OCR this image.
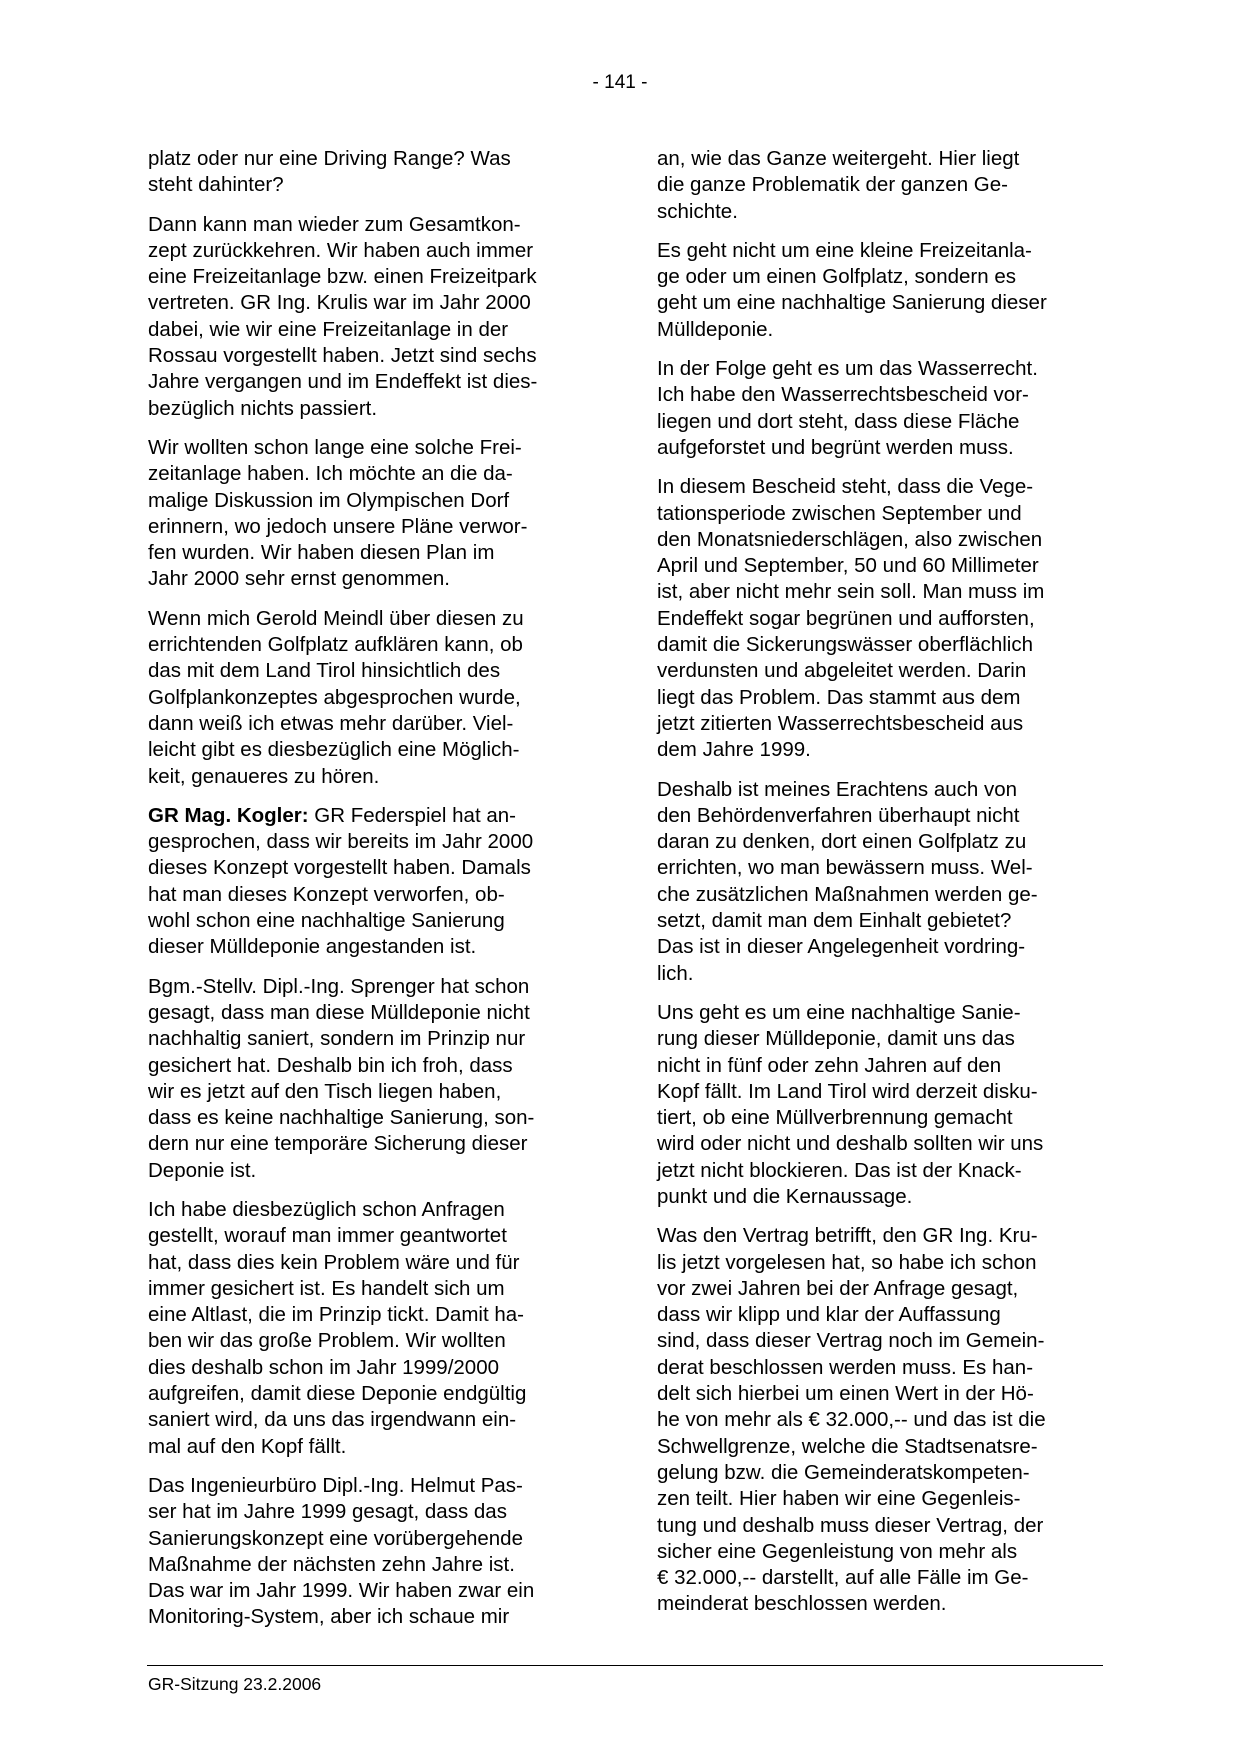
- 141 -

platz oder nur eine Driving Range? Was
steht dahinter?

Dann kann man wieder zum Gesamtkon-
zept zurückkehren. Wir haben auch immer
eine Freizeitanlage bzw. einen Freizeitpark
vertreten. GR Ing. Krulis war im Jahr 2000
dabei, wie wir eine Freizeitanlage in der
Rossau vorgestellt haben. Jetzt sind sechs
Jahre vergangen und im Endeffekt ist dies-
bezüglich nichts passiert.

Wir wollten schon lange eine solche Frei-
zeitanlage haben. Ich möchte an die da-
malige Diskussion im Olympischen Dorf
erinnern, wo jedoch unsere Pläne verwor-
fen wurden. Wir haben diesen Plan im
Jahr 2000 sehr ernst genommen.

Wenn mich Gerold Meindl über diesen zu
errichtenden Golfplatz aufklären kann, ob
das mit dem Land Tirol hinsichtlich des
Golfplankonzeptes abgesprochen wurde,
dann weiß ich etwas mehr darüber. Viel-
leicht gibt es diesbezüglich eine Möglich-
keit, genaueres zu hören.

GR Mag. Kogler: GR Federspiel hat an-
gesprochen, dass wir bereits im Jahr 2000
dieses Konzept vorgestellt haben. Damals
hat man dieses Konzept verworfen, ob-
wohl schon eine nachhaltige Sanierung
dieser Mülldeponie angestanden ist.

Bgm.-Stellv. Dipl.-Ing. Sprenger hat schon
gesagt, dass man diese Mülldeponie nicht
nachhaltig saniert, sondern im Prinzip nur
gesichert hat. Deshalb bin ich froh, dass
wir es jetzt auf den Tisch liegen haben,
dass es keine nachhaltige Sanierung, son-
dern nur eine temporäre Sicherung dieser
Deponie ist.

Ich habe diesbezüglich schon Anfragen
gestellt, worauf man immer geantwortet
hat, dass dies kein Problem wäre und für
immer gesichert ist. Es handelt sich um
eine Altlast, die im Prinzip tickt. Damit ha-
ben wir das große Problem. Wir wollten
dies deshalb schon im Jahr 1999/2000
aufgreifen, damit diese Deponie endgültig
saniert wird, da uns das irgendwann ein-
mal auf den Kopf fällt.

Das Ingenieurbüro Dipl.-Ing. Helmut Pas-
ser hat im Jahre 1999 gesagt, dass das
Sanierungskonzept eine vorübergehende
Maßnahme der nächsten zehn Jahre ist.
Das war im Jahr 1999. Wir haben zwar ein
Monitoring-System, aber ich schaue mir

an, wie das Ganze weitergeht. Hier liegt
die ganze Problematik der ganzen Ge-
schichte.

Es geht nicht um eine kleine Freizeitanla-
ge oder um einen Golfplatz, sondern es
geht um eine nachhaltige Sanierung dieser
Mülldeponie.

In der Folge geht es um das Wasserrecht.
Ich habe den Wasserrechtsbescheid vor-
liegen und dort steht, dass diese Fläche
aufgeforstet und begrünt werden muss.

In diesem Bescheid steht, dass die Vege-
tationsperiode zwischen September und
den Monatsniederschlägen, also zwischen
April und September, 50 und 60 Millimeter
ist, aber nicht mehr sein soll. Man muss im
Endeffekt sogar begrünen und aufforsten,
damit die Sickerungswässer oberflächlich
verdunsten und abgeleitet werden. Darin
liegt das Problem. Das stammt aus dem
jetzt zitierten Wasserrechtsbescheid aus
dem Jahre 1999.

Deshalb ist meines Erachtens auch von
den Behördenverfahren überhaupt nicht
daran zu denken, dort einen Golfplatz zu
errichten, wo man bewässern muss. Wel-
che zusätzlichen Maßnahmen werden ge-
setzt, damit man dem Einhalt gebietet?
Das ist in dieser Angelegenheit vordring-
lich.

Uns geht es um eine nachhaltige Sanie-
rung dieser Mülldeponie, damit uns das
nicht in fünf oder zehn Jahren auf den
Kopf fällt. Im Land Tirol wird derzeit disku-
tiert, ob eine Müllverbrennung gemacht
wird oder nicht und deshalb sollten wir uns
jetzt nicht blockieren. Das ist der Knack-
punkt und die Kernaussage.

Was den Vertrag betrifft, den GR Ing. Kru-
lis jetzt vorgelesen hat, so habe ich schon
vor zwei Jahren bei der Anfrage gesagt,
dass wir klipp und klar der Auffassung
sind, dass dieser Vertrag noch im Gemein-
derat beschlossen werden muss. Es han-
delt sich hierbei um einen Wert in der Hö-
he von mehr als € 32.000,-- und das ist die
Schwellgrenze, welche die Stadtsenatsre-
gelung bzw. die Gemeinderatskompeten-
zen teilt. Hier haben wir eine Gegenleis-
tung und deshalb muss dieser Vertrag, der
sicher eine Gegenleistung von mehr als
€ 32.000,-- darstellt, auf alle Fälle im Ge-
meinderat beschlossen werden.

GR-Sitzung 23.2.2006
